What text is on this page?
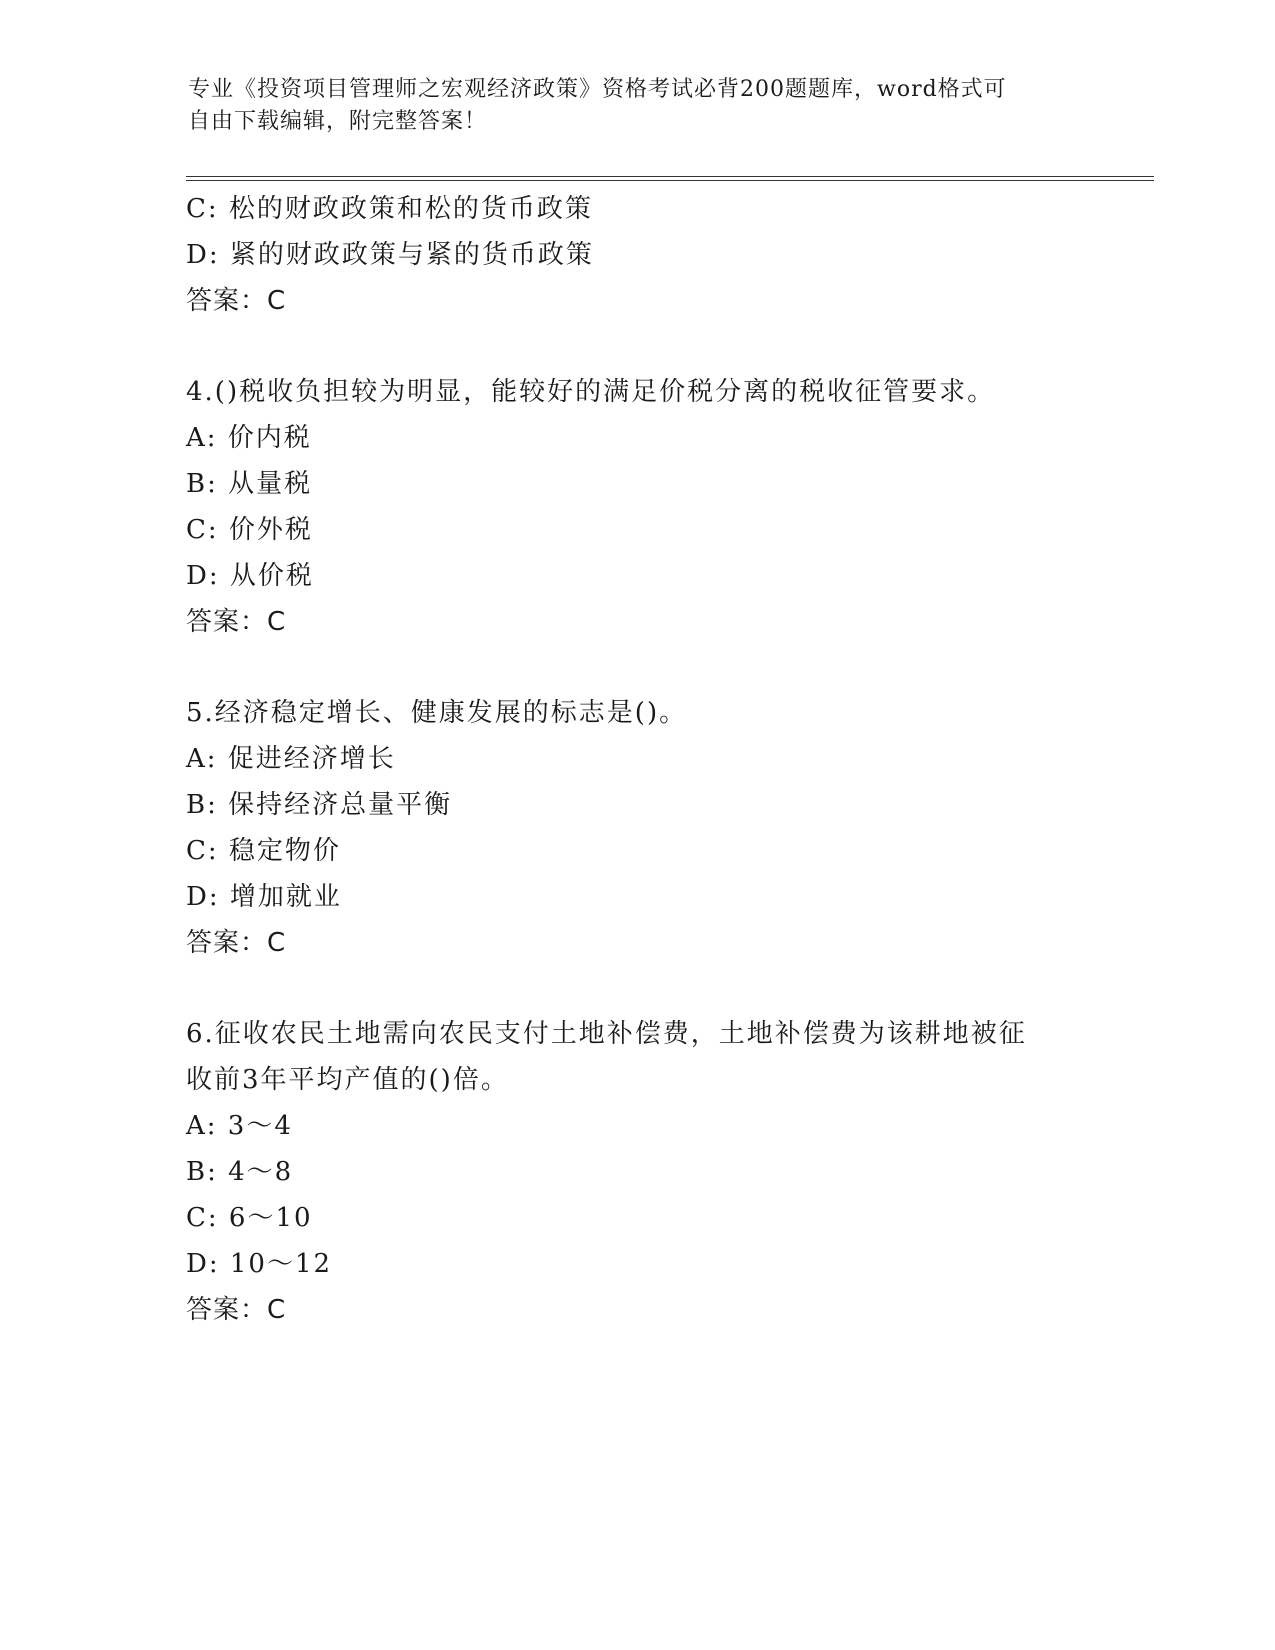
专业《投资项目管理师之宏观经济政策》资格考试必背200题题库，word格式可
自由下载编辑，附完整答案！
C: 松的财政政策和松的货币政策
D: 紧的财政政策与紧的货币政策
答案：C
4.()税收负担较为明显，能较好的满足价税分离的税收征管要求。
A: 价内税
B: 从量税
C: 价外税
D: 从价税
答案：C
5.经济稳定增长、健康发展的标志是()。
A: 促进经济增长
B: 保持经济总量平衡
C: 稳定物价
D: 增加就业
答案：C
6.征收农民土地需向农民支付土地补偿费，土地补偿费为该耕地被征
收前3年平均产值的()倍。
A: 3～4
B: 4～8
C: 6～10
D: 10～12
答案：C
